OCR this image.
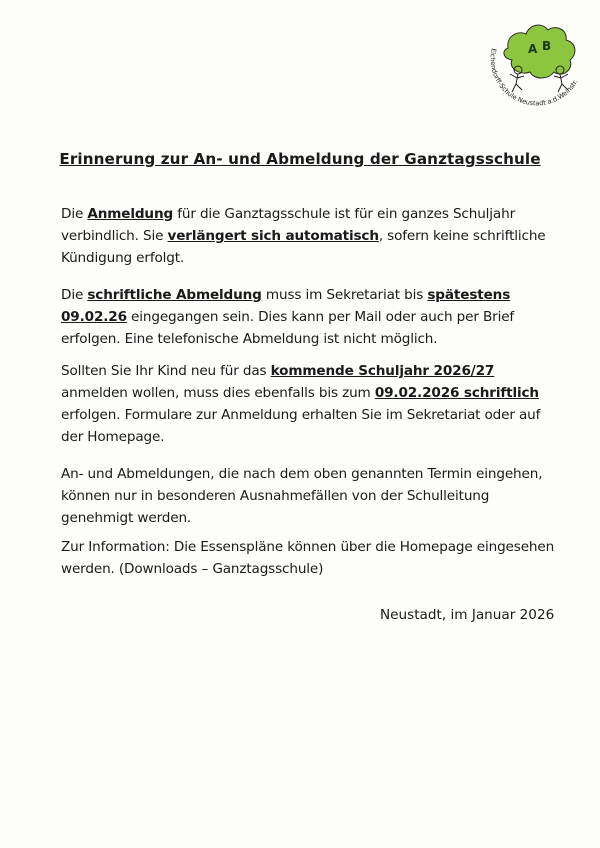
A B
Eichendorff-Schule Neustadt a.d.Weinstr.
Erinnerung zur An- und Abmeldung der Ganztagsschule

Die Anmeldung für die Ganztagsschule ist für ein ganzes Schuljahr verbindlich. Sie verlängert sich automatisch, sofern keine schriftliche Kündigung erfolgt.

Die schriftliche Abmeldung muss im Sekretariat bis spätestens 09.02.26 eingegangen sein. Dies kann per Mail oder auch per Brief erfolgen. Eine telefonische Abmeldung ist nicht möglich.

Sollten Sie Ihr Kind neu für das kommende Schuljahr 2026/27 anmelden wollen, muss dies ebenfalls bis zum 09.02.2026 schriftlich erfolgen. Formulare zur Anmeldung erhalten Sie im Sekretariat oder auf der Homepage.

An- und Abmeldungen, die nach dem oben genannten Termin eingehen, können nur in besonderen Ausnahmefällen von der Schulleitung genehmigt werden.

Zur Information: Die Essenspläne können über die Homepage eingesehen werden. (Downloads – Ganztagsschule)

Neustadt, im Januar 2026
